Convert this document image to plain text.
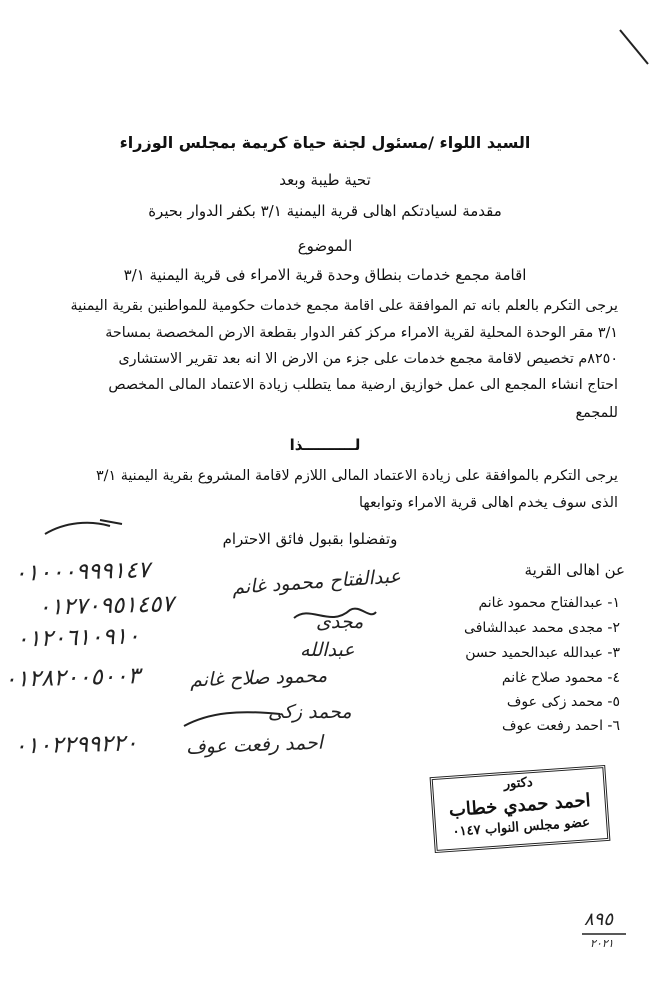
السيد اللواء /مسئول لجنة حياة كريمة بمجلس الوزراء
تحية طيبة وبعد
مقدمة لسيادتكم اهالى قرية اليمنية ٣/١ بكفر الدوار بحيرة
الموضوع
اقامة مجمع خدمات بنطاق وحدة قرية الامراء فى قرية اليمنية ٣/١
يرجى التكرم بالعلم بانه تم الموافقة على اقامة مجمع خدمات حكومية للمواطنين بقرية اليمنية
٣/١ مقر الوحدة المحلية لقرية الامراء مركز كفر الدوار بقطعة الارض المخصصة بمساحة
٨٢٥٠م تخصيص لاقامة مجمع خدمات على جزء من الارض الا انه بعد تقرير الاستشارى
احتاج انشاء المجمع الى عمل خوازيق ارضية مما يتطلب زيادة الاعتماد المالى المخصص
للمجمع
لــــــــــذا
يرجى التكرم بالموافقة على زيادة الاعتماد المالى اللازم لاقامة المشروع بقرية اليمنية ٣/١
الذى سوف يخدم اهالى قرية الامراء وتوابعها
وتفضلوا بقبول فائق الاحترام
عن اهالى القرية
١- عبدالفتاح محمود غانم
٢- مجدى محمد عبدالشافى
٣- عبدالله عبدالحميد حسن
٤- محمود صلاح غانم
٥- محمد زكى عوف
٦- احمد رفعت عوف
٠١٠٠٠٩٩٩١٤٧
٠١٢٧٠٩٥١٤٥٧
٠١٢٠٦١٠٩١٠
٠١٢٨٢٠٠٥٠٠٣
٠١٠٢٢٩٩٢٢٠
عبدالفتاح محمود غانم
مجدى
عبدالله
محمود صلاح غانم
محمد زكى
احمد رفعت عوف
دكتور
احمد حمدي خطاب
عضو مجلس النواب ٠١٤٧
٨٩٥
٢٠٢١
